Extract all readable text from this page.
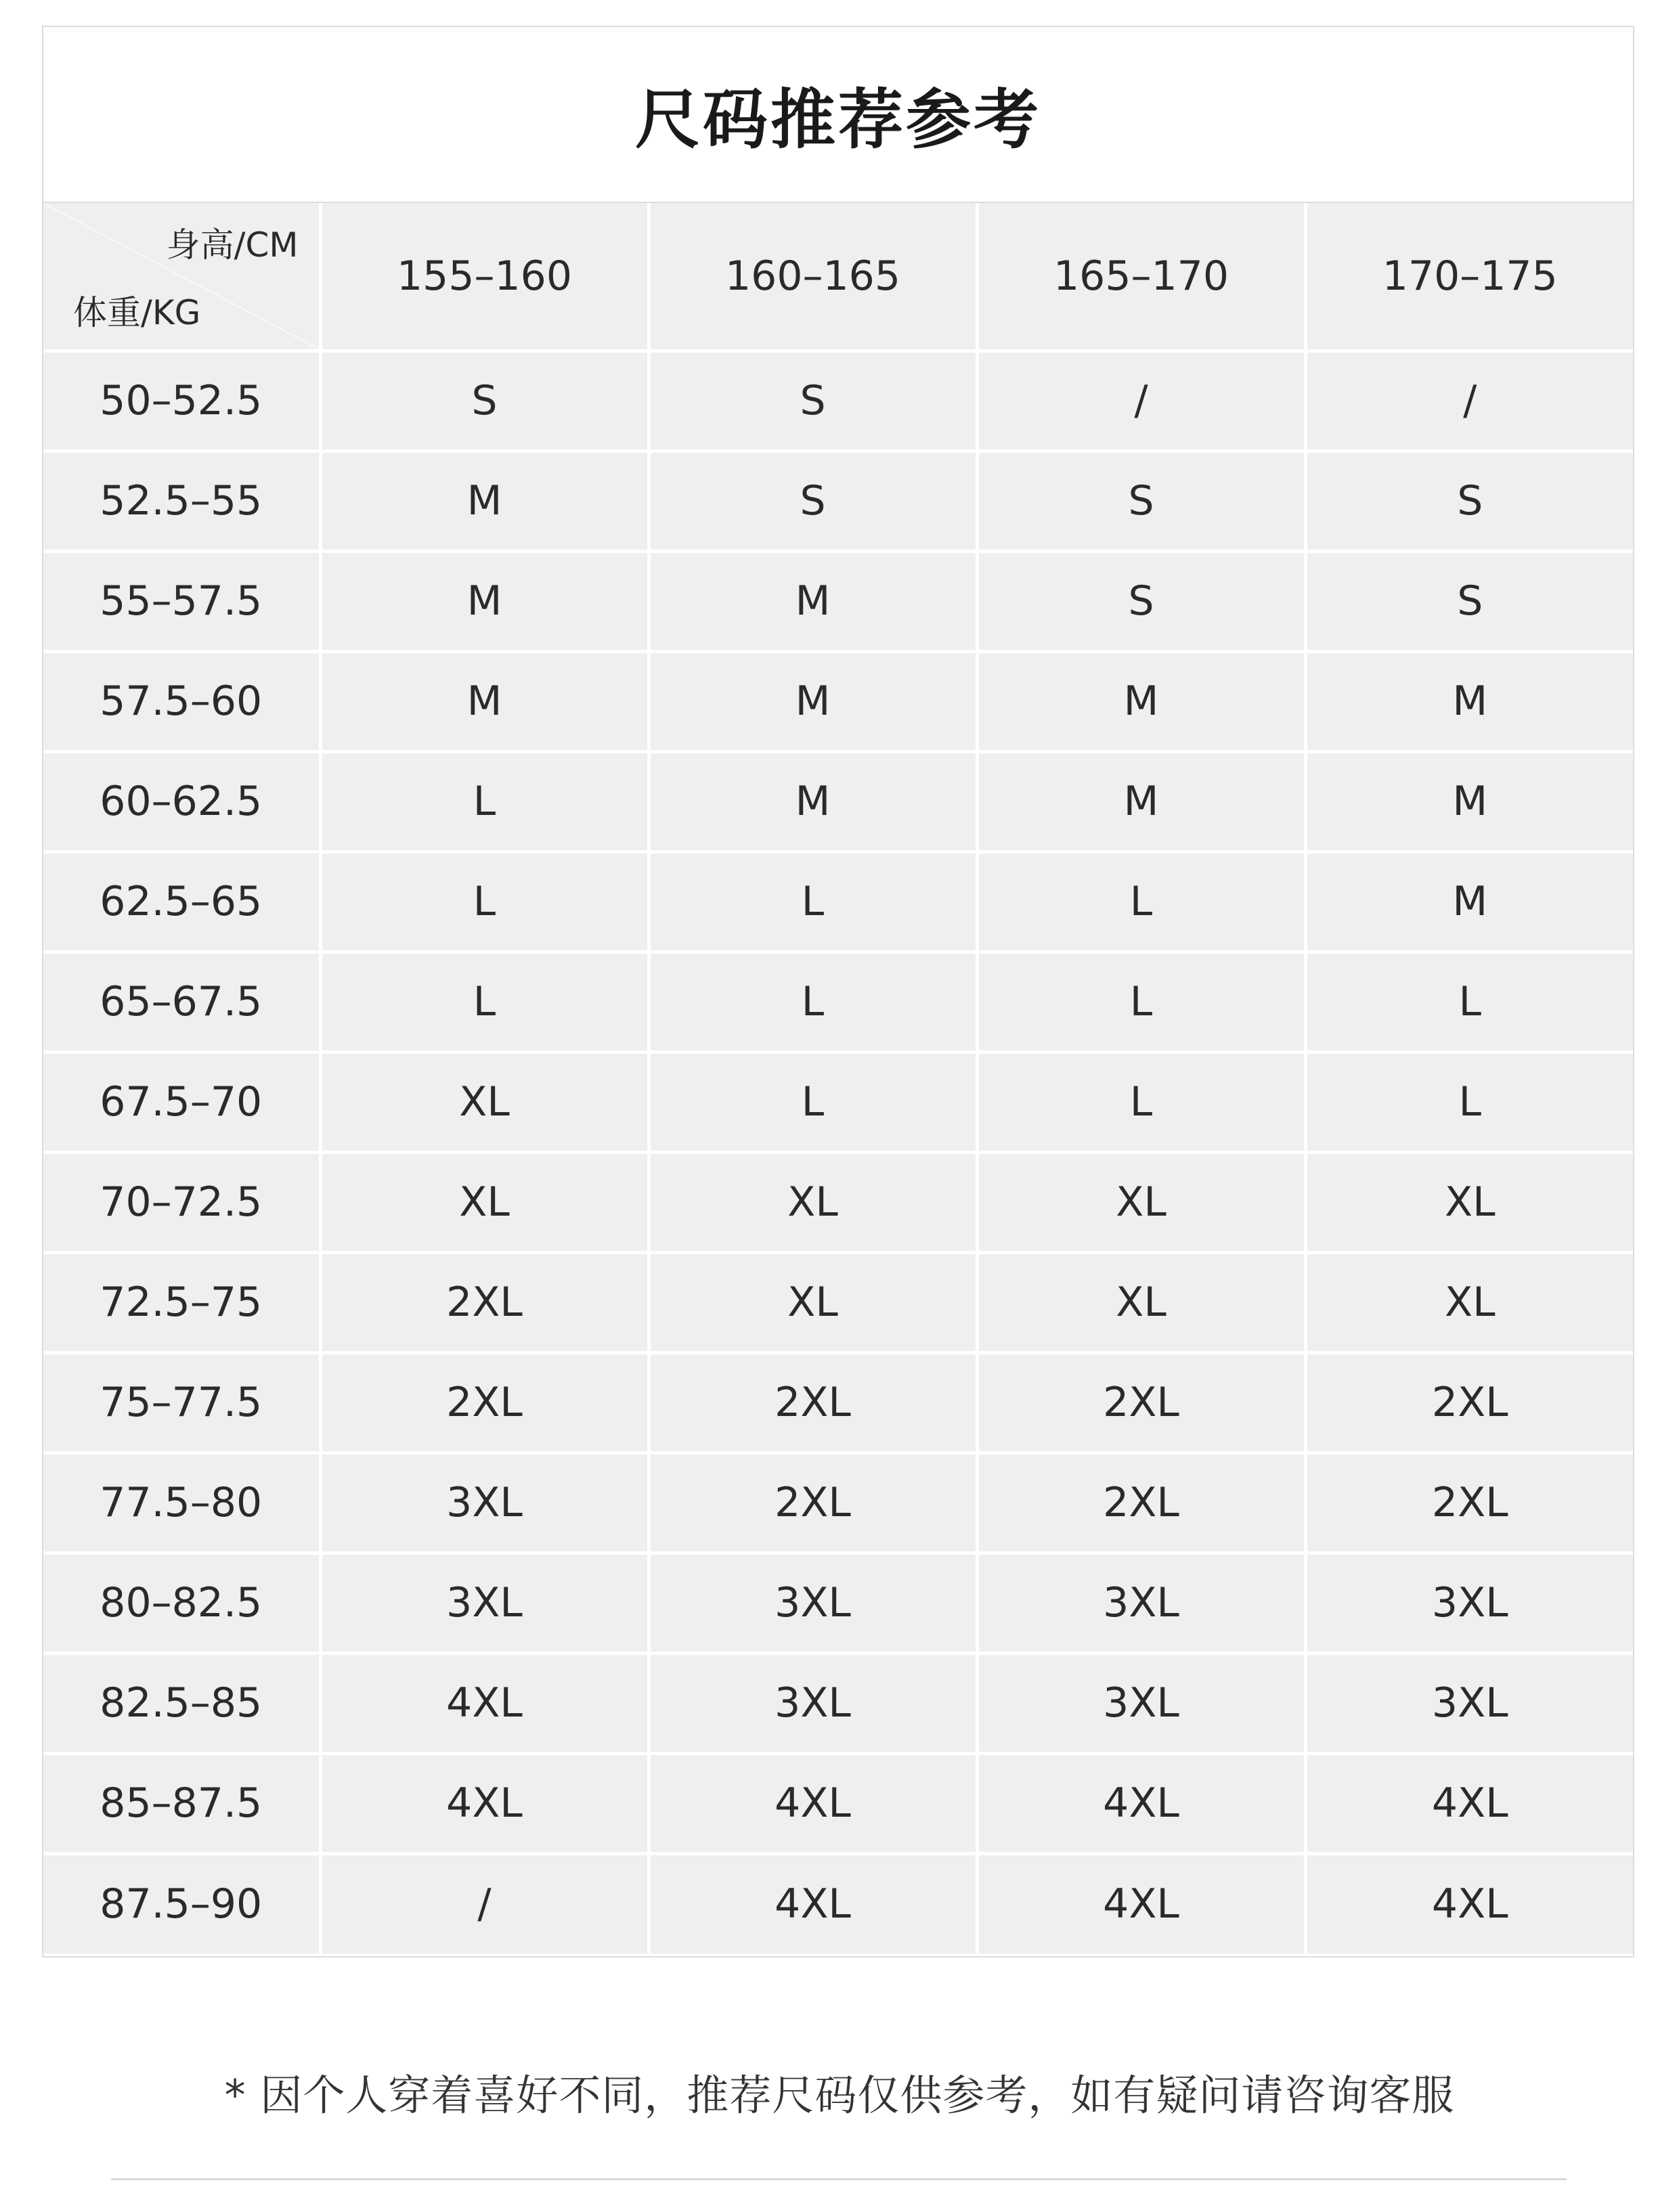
尺码推荐参考
身高/CM
体重/KG	155–160	160–165	165–170	170–175
50–52.5	S	S	/	/
52.5–55	M	S	S	S
55–57.5	M	M	S	S
57.5–60	M	M	M	M
60–62.5	L	M	M	M
62.5–65	L	L	L	M
65–67.5	L	L	L	L
67.5–70	XL	L	L	L
70–72.5	XL	XL	XL	XL
72.5–75	2XL	XL	XL	XL
75–77.5	2XL	2XL	2XL	2XL
77.5–80	3XL	2XL	2XL	2XL
80–82.5	3XL	3XL	3XL	3XL
82.5–85	4XL	3XL	3XL	3XL
85–87.5	4XL	4XL	4XL	4XL
87.5–90	/	4XL	4XL	4XL
* 因个人穿着喜好不同，推荐尺码仅供参考，如有疑问请咨询客服
